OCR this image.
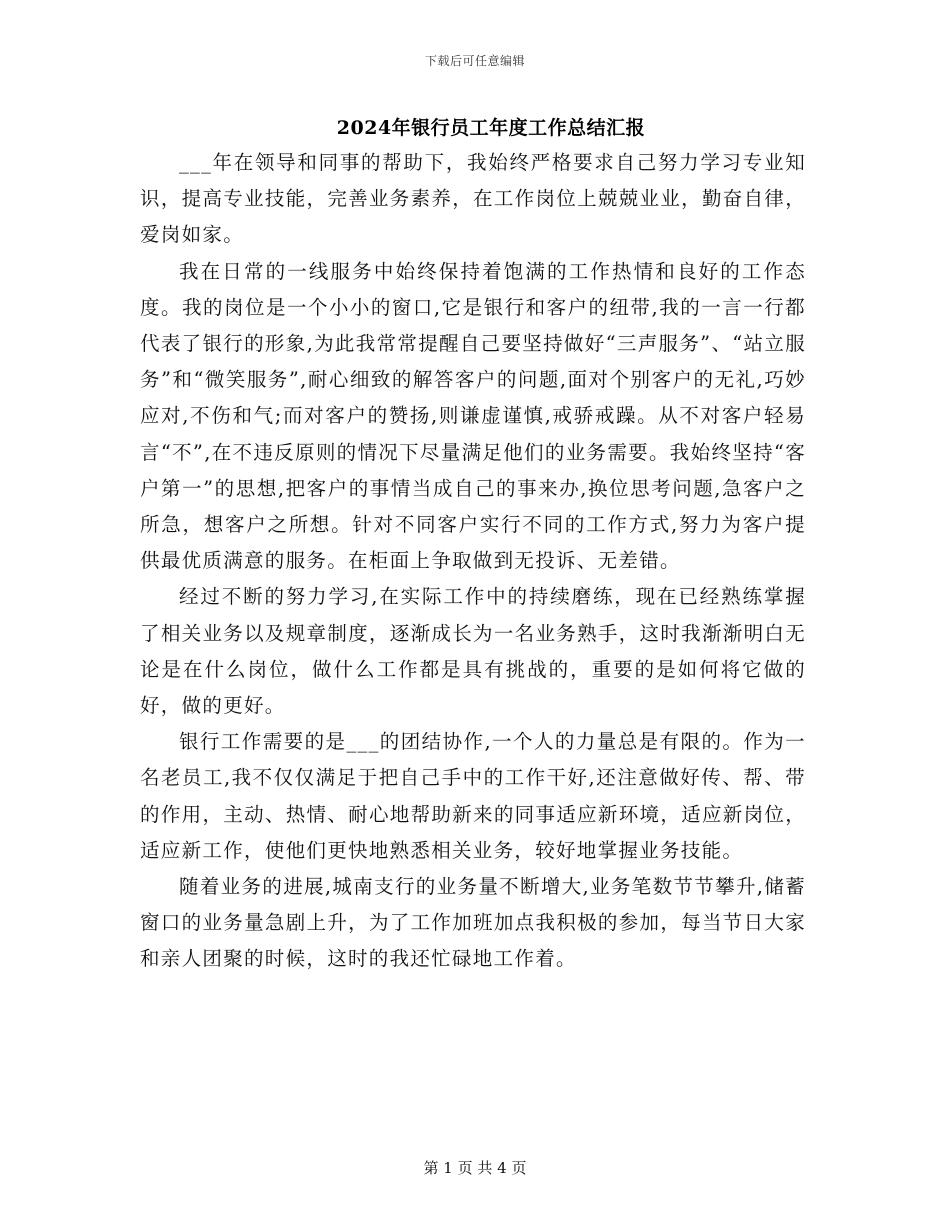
下载后可任意编辑
2024年银行员工年度工作总结汇报

___年在领导和同事的帮助下，我始终严格要求自己努力学习专业知识，提高专业技能，完善业务素养，在工作岗位上兢兢业业，勤奋自律，爱岗如家。

我在日常的一线服务中始终保持着饱满的工作热情和良好的工作态度。我的岗位是一个小小的窗口,它是银行和客户的纽带,我的一言一行都代表了银行的形象,为此我常常提醒自己要坚持做好“三声服务”、“站立服务”和“微笑服务”,耐心细致的解答客户的问题,面对个别客户的无礼,巧妙应对,不伤和气;而对客户的赞扬,则谦虚谨慎,戒骄戒躁。从不对客户轻易言“不”,在不违反原则的情况下尽量满足他们的业务需要。我始终坚持“客户第一”的思想,把客户的事情当成自己的事来办,换位思考问题,急客户之所急，想客户之所想。针对不同客户实行不同的工作方式,努力为客户提供最优质满意的服务。在柜面上争取做到无投诉、无差错。

经过不断的努力学习,在实际工作中的持续磨练，现在已经熟练掌握了相关业务以及规章制度，逐渐成长为一名业务熟手，这时我渐渐明白无论是在什么岗位，做什么工作都是具有挑战的，重要的是如何将它做的好，做的更好。

银行工作需要的是___的团结协作,一个人的力量总是有限的。作为一名老员工,我不仅仅满足于把自己手中的工作干好,还注意做好传、帮、带的作用，主动、热情、耐心地帮助新来的同事适应新环境，适应新岗位，适应新工作，使他们更快地熟悉相关业务，较好地掌握业务技能。

随着业务的进展,城南支行的业务量不断增大,业务笔数节节攀升,储蓄窗口的业务量急剧上升，为了工作加班加点我积极的参加，每当节日大家和亲人团聚的时候，这时的我还忙碌地工作着。

第 1 页 共 4 页
